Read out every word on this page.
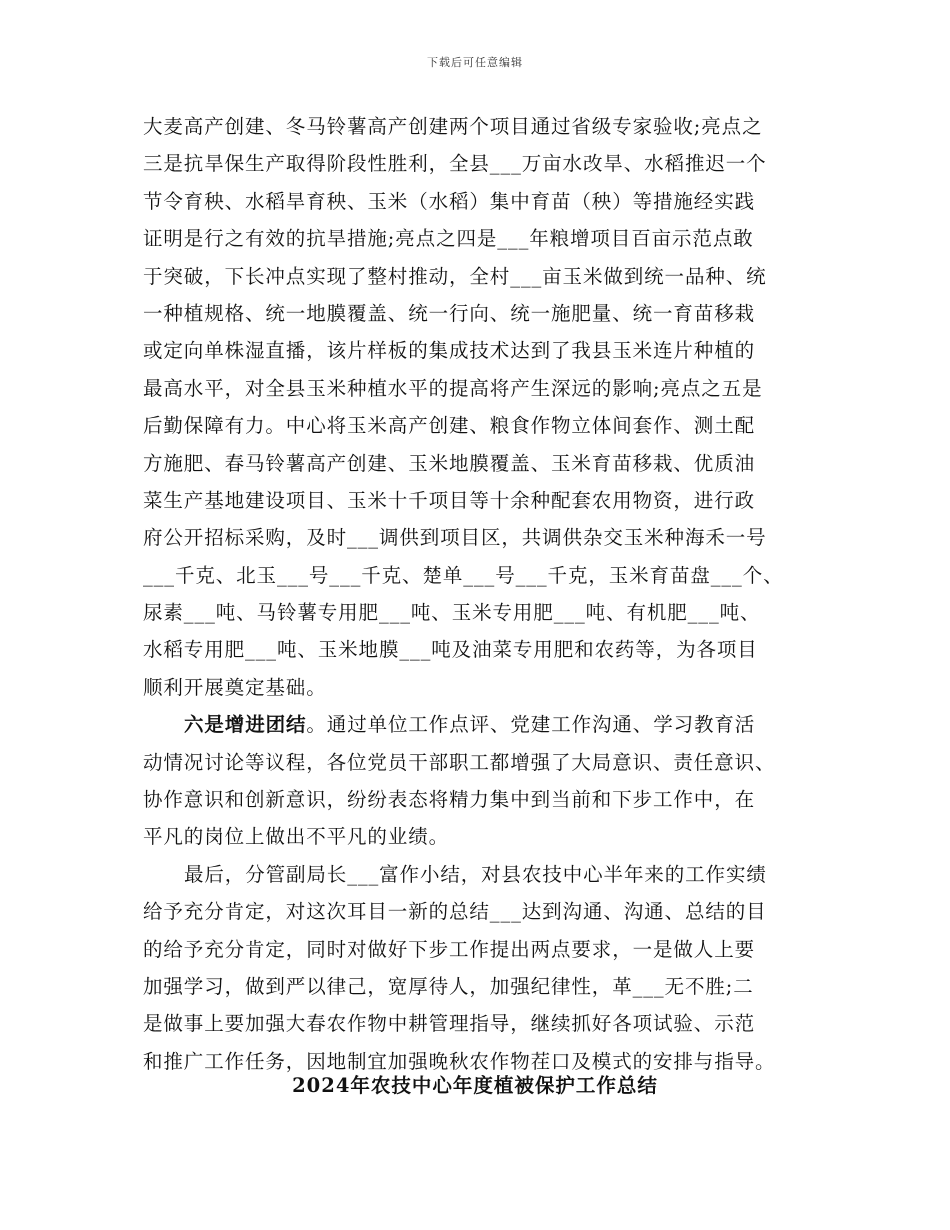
下载后可任意编辑
大麦高产创建、冬马铃薯高产创建两个项目通过省级专家验收;亮点之
三是抗旱保生产取得阶段性胜利，全县___万亩水改旱、水稻推迟一个
节令育秧、水稻旱育秧、玉米（水稻）集中育苗（秧）等措施经实践
证明是行之有效的抗旱措施;亮点之四是___年粮增项目百亩示范点敢
于突破，下长冲点实现了整村推动，全村___亩玉米做到统一品种、统
一种植规格、统一地膜覆盖、统一行向、统一施肥量、统一育苗移栽
或定向单株湿直播，该片样板的集成技术达到了我县玉米连片种植的
最高水平，对全县玉米种植水平的提高将产生深远的影响;亮点之五是
后勤保障有力。中心将玉米高产创建、粮食作物立体间套作、测土配
方施肥、春马铃薯高产创建、玉米地膜覆盖、玉米育苗移栽、优质油
菜生产基地建设项目、玉米十千项目等十余种配套农用物资，进行政
府公开招标采购，及时___调供到项目区，共调供杂交玉米种海禾一号
___千克、北玉___号___千克、楚单___号___千克，玉米育苗盘___个、
尿素___吨、马铃薯专用肥___吨、玉米专用肥___吨、有机肥___吨、
水稻专用肥___吨、玉米地膜___吨及油菜专用肥和农药等，为各项目
顺利开展奠定基础。
六是增进团结。通过单位工作点评、党建工作沟通、学习教育活
动情况讨论等议程，各位党员干部职工都增强了大局意识、责任意识、
协作意识和创新意识，纷纷表态将精力集中到当前和下步工作中，在
平凡的岗位上做出不平凡的业绩。
最后，分管副局长___富作小结，对县农技中心半年来的工作实绩
给予充分肯定，对这次耳目一新的总结___达到沟通、沟通、总结的目
的给予充分肯定，同时对做好下步工作提出两点要求，一是做人上要
加强学习，做到严以律己，宽厚待人，加强纪律性，革___无不胜;二
是做事上要加强大春农作物中耕管理指导，继续抓好各项试验、示范
和推广工作任务，因地制宜加强晚秋农作物茬口及模式的安排与指导。
2024年农技中心年度植被保护工作总结
